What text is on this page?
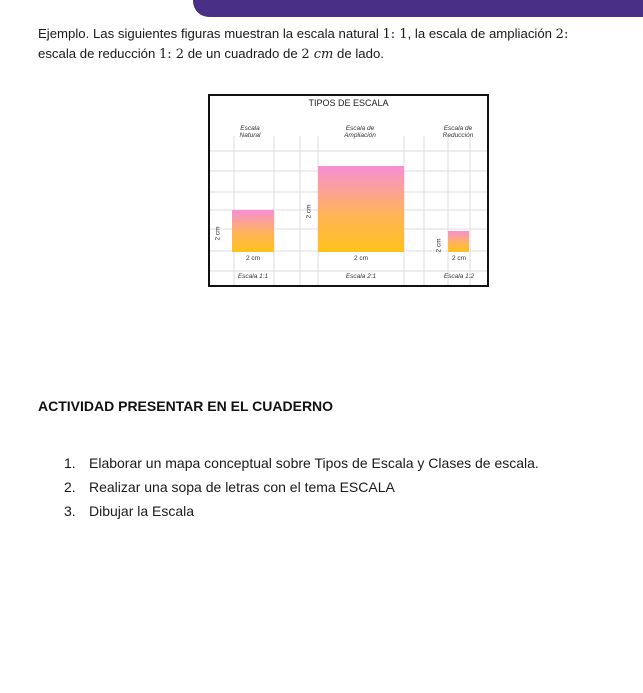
Ejemplo. Las siguientes figuras muestran la escala natural 1: 1, la escala de ampliación 2:
escala de reducción 1: 2 de un cuadrado de 2 cm de lado.
TIPOS DE ESCALA
Escala
Natural
Escala de
Ampliación
Escala de
Reducción
2 cm
2 cm
2 cm
2 cm
2 cm
2 cm
Escala 1:1	Escala 2:1	Escala 1:2
ACTIVIDAD PRESENTAR EN EL CUADERNO
1. Elaborar un mapa conceptual sobre Tipos de Escala y Clases de escala.
2. Realizar una sopa de letras con el tema ESCALA
3. Dibujar la Escala
